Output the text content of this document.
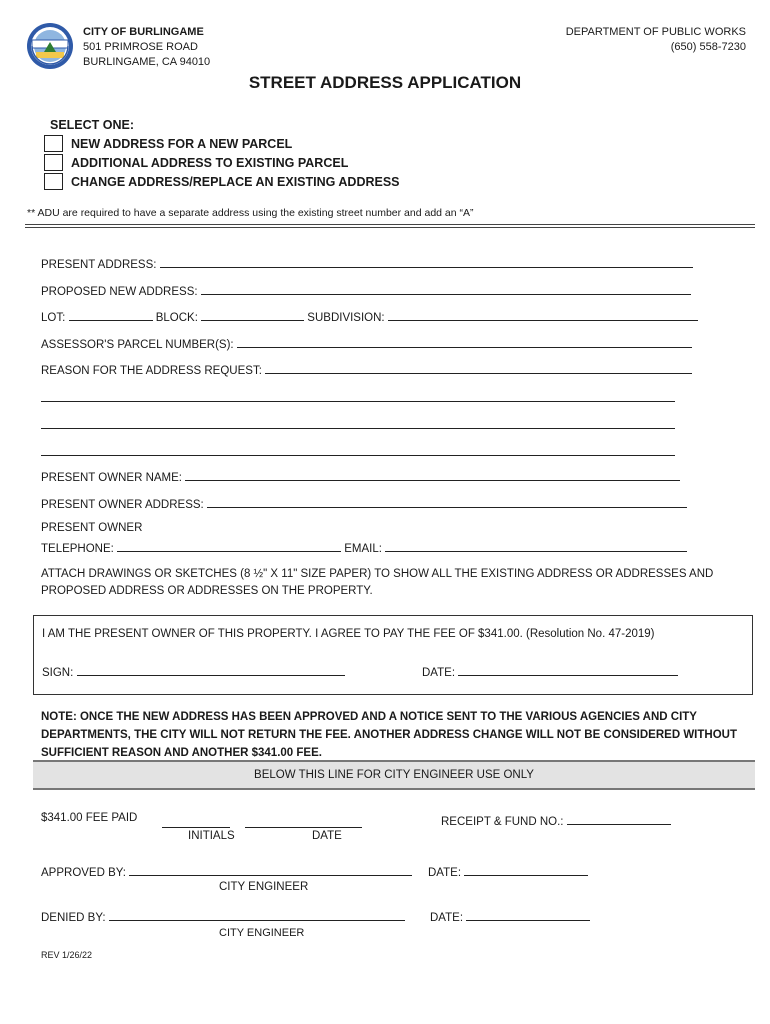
CITY OF BURLINGAME
501 PRIMROSE ROAD
BURLINGAME, CA 94010
DEPARTMENT OF PUBLIC WORKS
(650) 558-7230
STREET ADDRESS APPLICATION
SELECT ONE:
NEW ADDRESS FOR A NEW PARCEL
ADDITIONAL ADDRESS TO EXISTING PARCEL
CHANGE ADDRESS/REPLACE AN EXISTING ADDRESS
** ADU are required to have a separate address using the existing street number and add an “A”
PRESENT ADDRESS:
PROPOSED NEW ADDRESS:
LOT:	BLOCK:	SUBDIVISION:
ASSESSOR'S PARCEL NUMBER(S):
REASON FOR THE ADDRESS REQUEST:
PRESENT OWNER NAME:
PRESENT OWNER ADDRESS:
PRESENT OWNER
TELEPHONE:	EMAIL:
ATTACH DRAWINGS OR SKETCHES (8 ½" X 11" SIZE PAPER) TO SHOW ALL THE EXISTING ADDRESS OR ADDRESSES AND PROPOSED ADDRESS OR ADDRESSES ON THE PROPERTY.
I AM THE PRESENT OWNER OF THIS PROPERTY. I AGREE TO PAY THE FEE OF $341.00. (Resolution No. 47-2019)
SIGN:	DATE:
NOTE: ONCE THE NEW ADDRESS HAS BEEN APPROVED AND A NOTICE SENT TO THE VARIOUS AGENCIES AND CITY DEPARTMENTS, THE CITY WILL NOT RETURN THE FEE. ANOTHER ADDRESS CHANGE WILL NOT BE CONSIDERED WITHOUT SUFFICIENT REASON AND ANOTHER $341.00 FEE.
BELOW THIS LINE FOR CITY ENGINEER USE ONLY
$341.00 FEE PAID
INITIALS	DATE
RECEIPT & FUND NO.:
APPROVED BY:	DATE:
CITY ENGINEER
DENIED BY:	DATE:
CITY ENGINEER
REV 1/26/22
